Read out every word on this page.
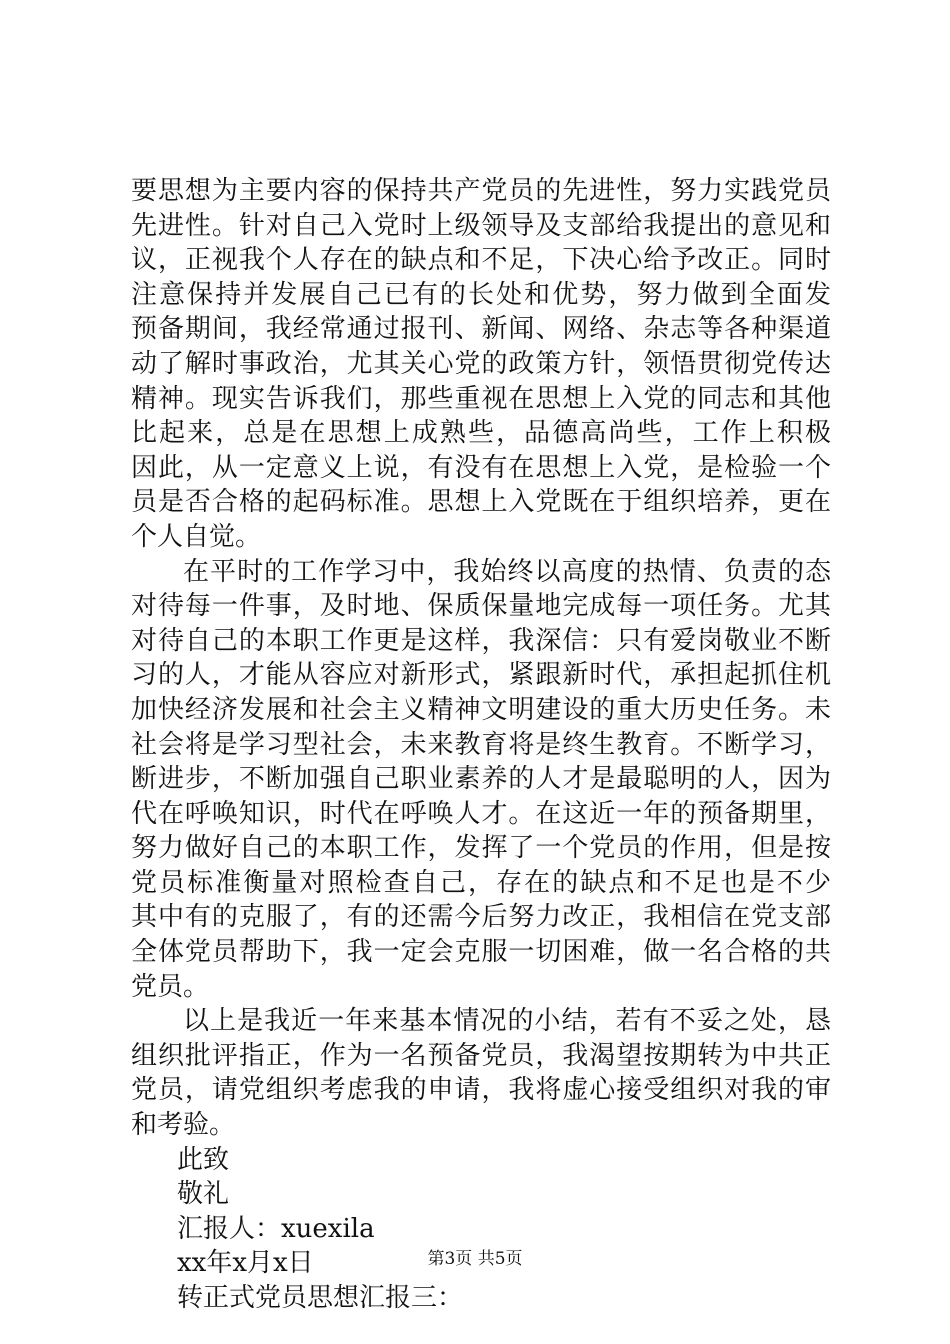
要思想为主要内容的保持共产党员的先进性，努力实践党员
先进性。针对自己入党时上级领导及支部给我提出的意见和
议，正视我个人存在的缺点和不足，下决心给予改正。同时
注意保持并发展自己已有的长处和优势，努力做到全面发
预备期间，我经常通过报刊、新闻、网络、杂志等各种渠道
动了解时事政治，尤其关心党的政策方针，领悟贯彻党传达
精神。现实告诉我们，那些重视在思想上入党的同志和其他
比起来，总是在思想上成熟些，品德高尚些，工作上积极
因此，从一定意义上说，有没有在思想上入党，是检验一个
员是否合格的起码标准。思想上入党既在于组织培养，更在
个人自觉。
在平时的工作学习中，我始终以高度的热情、负责的态
对待每一件事，及时地、保质保量地完成每一项任务。尤其
对待自己的本职工作更是这样，我深信：只有爱岗敬业不断
习的人，才能从容应对新形式，紧跟新时代，承担起抓住机
加快经济发展和社会主义精神文明建设的重大历史任务。未
社会将是学习型社会，未来教育将是终生教育。不断学习，
断进步，不断加强自己职业素养的人才是最聪明的人，因为
代在呼唤知识，时代在呼唤人才。在这近一年的预备期里，
努力做好自己的本职工作，发挥了一个党员的作用，但是按
党员标准衡量对照检查自己，存在的缺点和不足也是不少
其中有的克服了，有的还需今后努力改正，我相信在党支部
全体党员帮助下，我一定会克服一切困难，做一名合格的共
党员。
以上是我近一年来基本情况的小结，若有不妥之处，恳
组织批评指正，作为一名预备党员，我渴望按期转为中共正
党员，请党组织考虑我的申请，我将虚心接受组织对我的审
和考验。
此致
敬礼
汇报人：xuexila
xx年x月x日
转正式党员思想汇报三：
第3页 共5页
